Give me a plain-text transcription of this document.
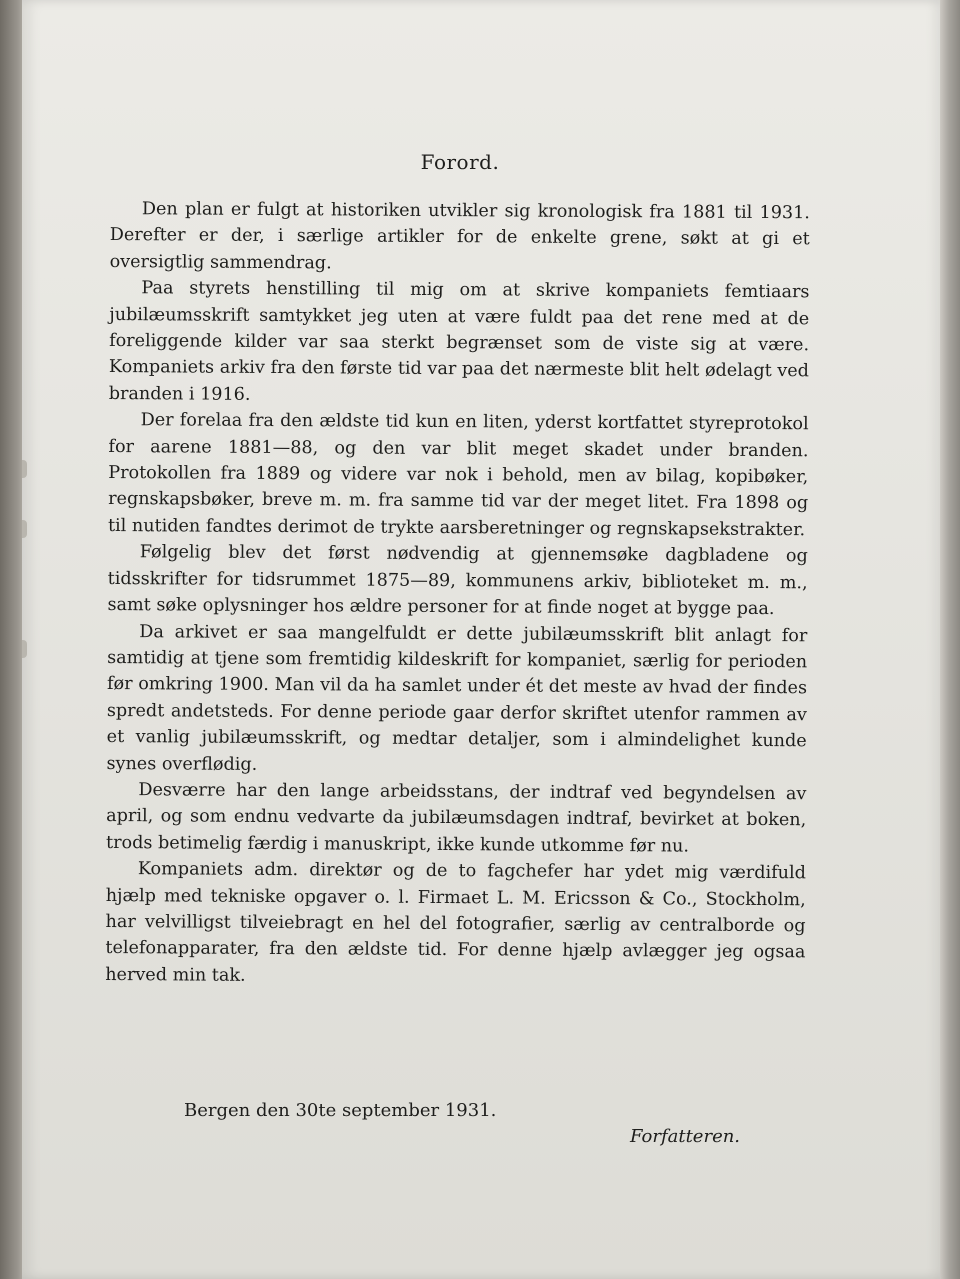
Forord.

Den plan er fulgt at historiken utvikler sig kronologisk fra 1881 til 1931. Derefter er der, i særlige artikler for de enkelte grene, søkt at gi et oversigtlig sammendrag.

Paa styrets henstilling til mig om at skrive kompaniets femtiaars jubilæumsskrift samtykket jeg uten at være fuldt paa det rene med at de foreliggende kilder var saa sterkt begrænset som de viste sig at være. Kompaniets arkiv fra den første tid var paa det nærmeste blit helt ødelagt ved branden i 1916.

Der forelaa fra den ældste tid kun en liten, yderst kortfattet styreprotokol for aarene 1881—88, og den var blit meget skadet under branden. Protokollen fra 1889 og videre var nok i behold, men av bilag, kopibøker, regnskapsbøker, breve m. m. fra samme tid var der meget litet. Fra 1898 og til nutiden fandtes derimot de trykte aarsberetninger og regnskapsekstrakter.

Følgelig blev det først nødvendig at gjennemsøke dagbladene og tidsskrifter for tidsrummet 1875—89, kommunens arkiv, biblioteket m. m., samt søke oplysninger hos ældre personer for at finde noget at bygge paa.

Da arkivet er saa mangelfuldt er dette jubilæumsskrift blit anlagt for samtidig at tjene som fremtidig kildeskrift for kompaniet, særlig for perioden før omkring 1900. Man vil da ha samlet under ét det meste av hvad der findes spredt andetsteds. For denne periode gaar derfor skriftet utenfor rammen av et vanlig jubilæumsskrift, og medtar detaljer, som i almindelighet kunde synes overflødig.

Desværre har den lange arbeidsstans, der indtraf ved begyndelsen av april, og som endnu vedvarte da jubilæumsdagen indtraf, bevirket at boken, trods betimelig færdig i manuskript, ikke kunde utkomme før nu.

Kompaniets adm. direktør og de to fagchefer har ydet mig værdifuld hjælp med tekniske opgaver o. l. Firmaet L. M. Ericsson & Co., Stockholm, har velvilligst tilveiebragt en hel del fotografier, særlig av centralborde og telefonapparater, fra den ældste tid. For denne hjælp avlægger jeg ogsaa herved min tak.

Bergen den 30te september 1931.
Forfatteren.
